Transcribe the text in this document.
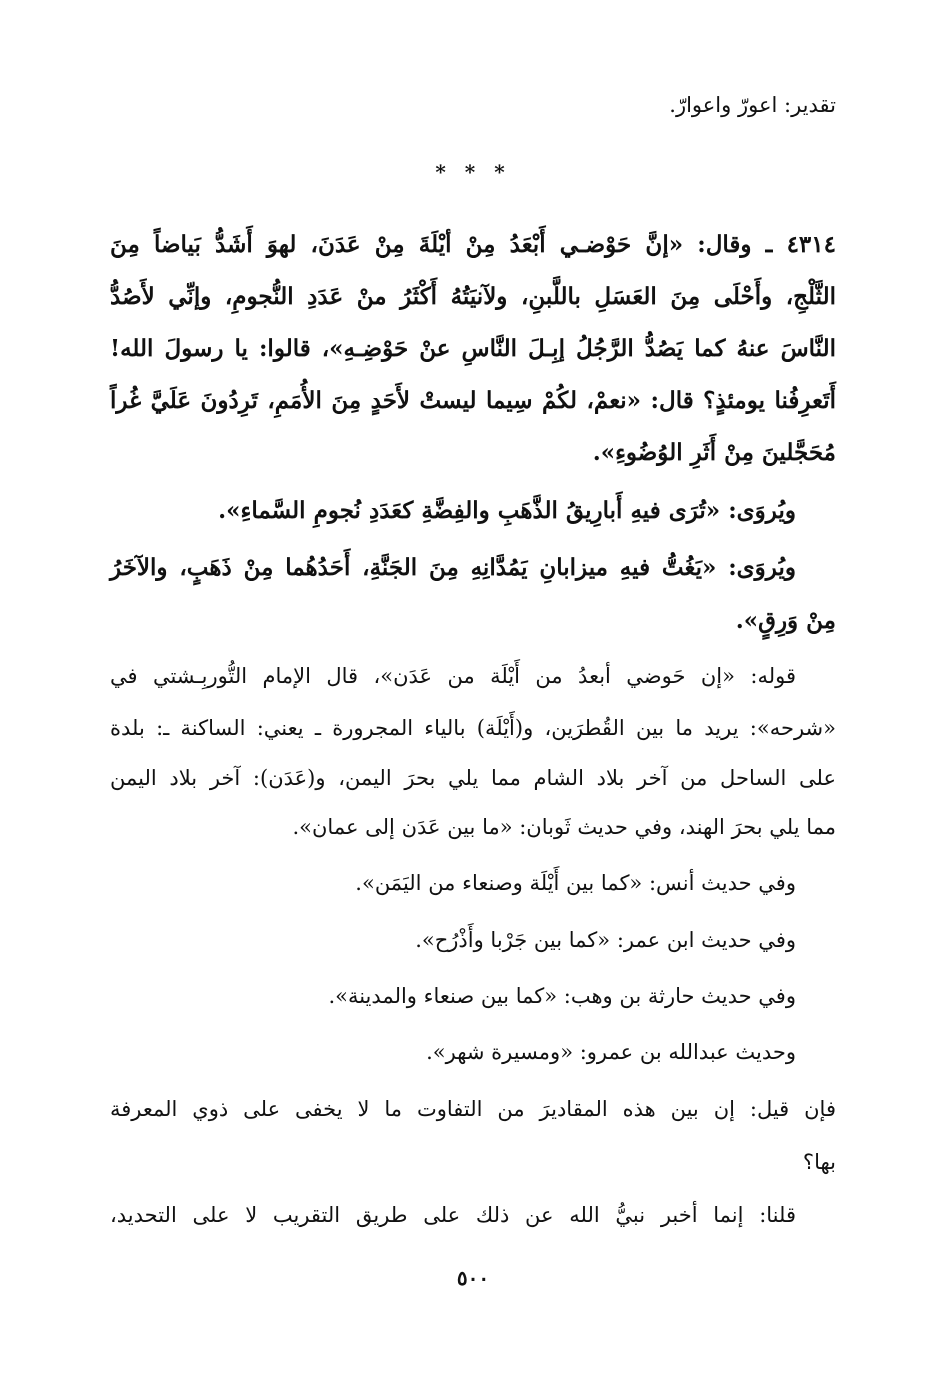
تقدير: اعورّ واعوارّ.

* * *

٤٣١٤ ـ وقال: «إنَّ حَوْضـي أَبْعَدُ مِنْ أيْلَةَ مِنْ عَدَنَ، لهوَ أَشَدُّ بَياضاً مِنَ

الثَّلْجِ، وأَحْلَى مِنَ العَسَلِ باللَّبنِ، ولآنيَتُهُ أَكْثَرُ منْ عَدَدِ النُّجومِ، وإنِّي لأَصُدُّ

النَّاسَ عنهُ كما يَصُدُّ الرَّجُلُ إبِـلَ النَّاسِ عنْ حَوْضِـهِ»، قالوا: يا رسولَ الله!

أَتَعرِفُنا يومئذٍ؟ قال: «نعمْ، لكُمْ سِيما ليستْ لأَحَدٍ مِنَ الأُمَمِ، تَرِدُونَ عَلَيَّ غُراً

مُحَجَّلينَ مِنْ أَثَرِ الوُضُوءِ».

ويُروَى: «تُرَى فيهِ أَبارِيقُ الذَّهَبِ والفِضَّةِ كعَدَدِ نُجومِ السَّماءِ».

ويُروَى: «يَغُتُّ فيهِ ميزابانِ يَمُدَّانِهِ مِنَ الجَنَّةِ، أَحَدُهُما مِنْ ذَهَبٍ، والآخَرُ

مِنْ وَرِقٍ».

قوله: «إن حَوضي أبعدُ من أَيْلَة من عَدَن»، قال الإمام التُّوربِـشتي في

«شرحه»: يريد ما بين القُطرَين، و(أَيْلَة) بالياء المجرورة ـ يعني: الساكنة ـ: بلدة

على الساحل من آخر بلاد الشام مما يلي بحرَ اليمن، و(عَدَن): آخر بلاد اليمن

مما يلي بحرَ الهند، وفي حديث ثَوبان: «ما بين عَدَن إلى عمان».

وفي حديث أنس: «كما بين أَيْلَة وصنعاء من اليَمَن».

وفي حديث ابن عمر: «كما بين جَرْبا وأَذْرُح».

وفي حديث حارثة بن وهب: «كما بين صنعاء والمدينة».

وحديث عبدالله بن عمرو: «ومسيرة شهر».

فإن قيل: إن بين هذه المقاديرَ من التفاوت ما لا يخفى على ذوي المعرفة

بها؟

قلنا: إنما أخبر نبيُّ الله عن ذلك على طريق التقريب لا على التحديد،

٥٠٠
